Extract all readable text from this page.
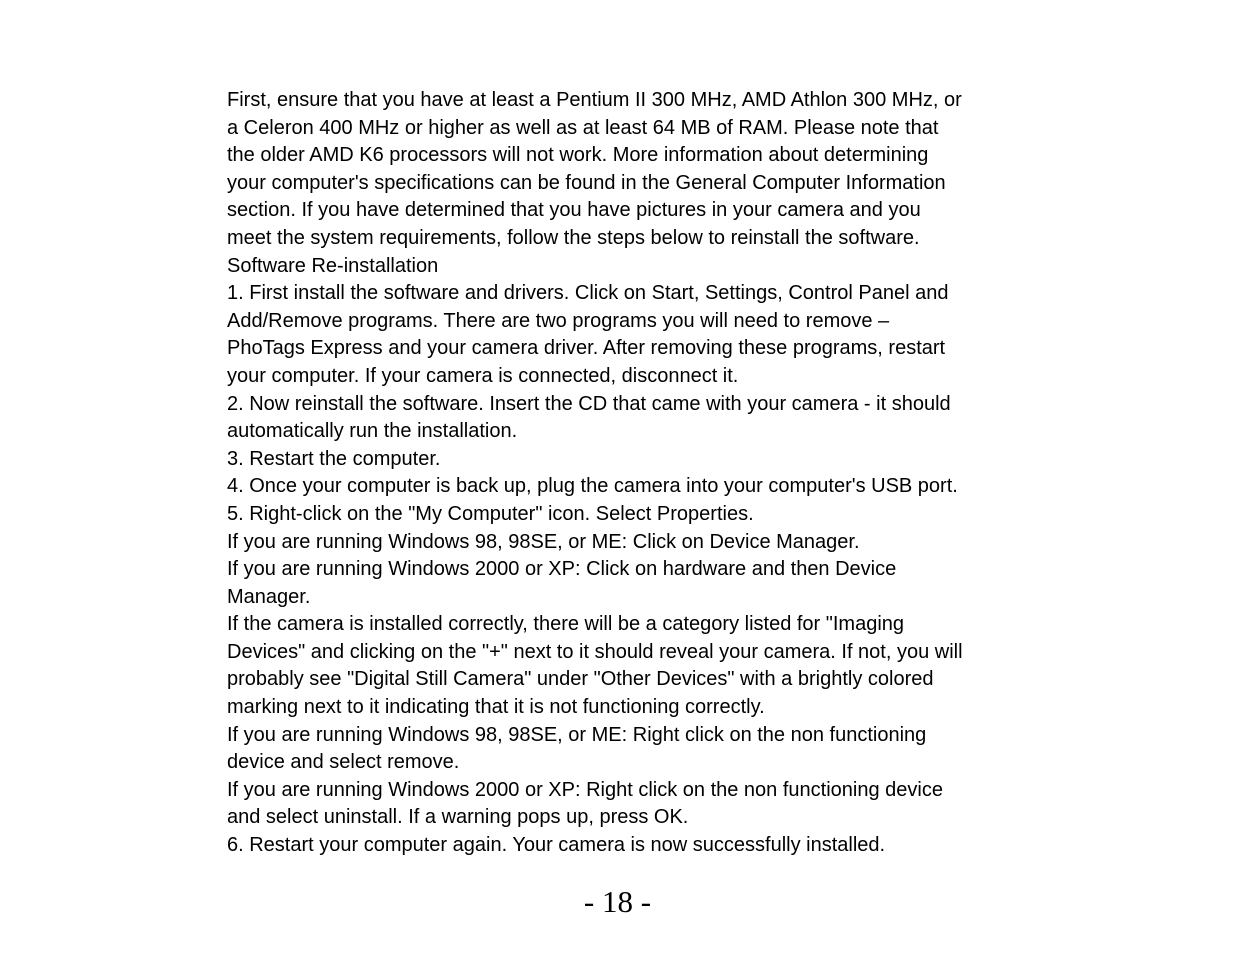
First, ensure that you have at least a Pentium II 300 MHz, AMD Athlon 300 MHz, or

a Celeron 400 MHz or higher as well as at least 64 MB of RAM. Please note that

the older AMD K6 processors will not work. More information about determining

your computer's specifications can be found in the General Computer Information

section. If you have determined that you have pictures in your camera and you

meet the system requirements, follow the steps below to reinstall the software.

Software Re-installation

1. First install the software and drivers. Click on Start, Settings, Control Panel and

Add/Remove programs. There are two programs you will need to remove –

PhoTags Express and your camera driver. After removing these programs, restart

your computer. If your camera is connected, disconnect it.

2. Now reinstall the software. Insert the CD that came with your camera - it should

automatically run the installation.

3. Restart the computer.

4. Once your computer is back up, plug the camera into your computer's USB port.

5. Right-click on the "My Computer" icon. Select Properties.

If you are running Windows 98, 98SE, or ME: Click on Device Manager.

If you are running Windows 2000 or XP: Click on hardware and then Device

Manager.

If the camera is installed correctly, there will be a category listed for "Imaging

Devices" and clicking on the "+" next to it should reveal your camera. If not, you will

probably see "Digital Still Camera" under "Other Devices" with a brightly colored

marking next to it indicating that it is not functioning correctly.

If you are running Windows 98, 98SE, or ME: Right click on the non functioning

device and select remove.

If you are running Windows 2000 or XP: Right click on the non functioning device

and select uninstall. If a warning pops up, press OK.

6. Restart your computer again. Your camera is now successfully installed.

- 18 -
